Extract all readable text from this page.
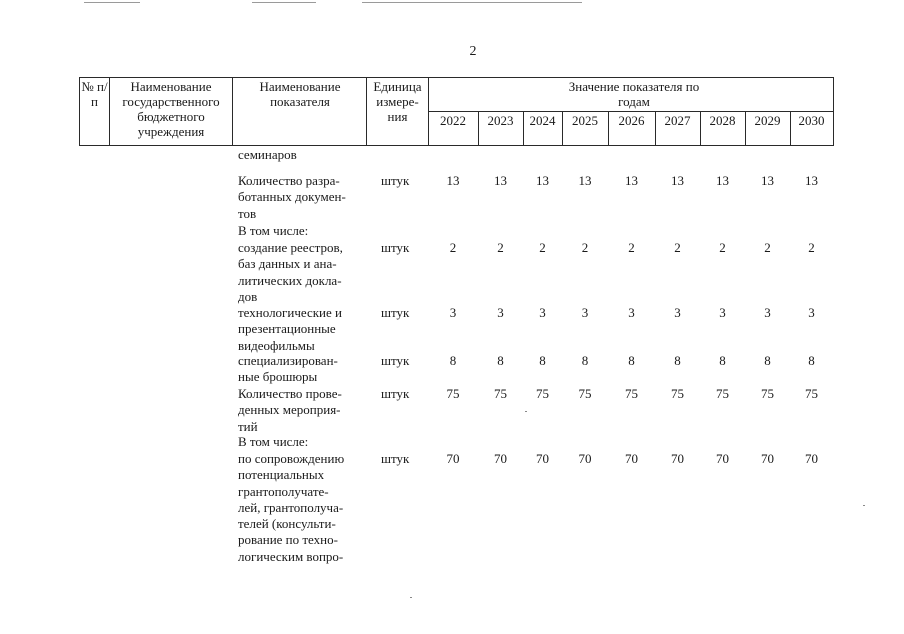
2
№ п/п
Наименование государственного бюджетного учреждения
Наименование показателя
Единица измере-ния
Значение показателя по годам
2022	2023	2024	2025	2026	2027	2028	2029	2030
семинаров
Количество разра-
ботанных докумен-
тов
штук	13	13	13	13	13	13	13	13	13
В том числе:
создание реестров,
баз данных и ана-
литических докла-
дов
штук	2	2	2	2	2	2	2	2	2
технологические и
презентационные
видеофильмы
штук	3	3	3	3	3	3	3	3	3
специализирован-
ные брошюры
штук	8	8	8	8	8	8	8	8	8
Количество прове-
денных мероприя-
тий
штук	75	75	75	75	75	75	75	75	75
В том числе:
по сопровождению
потенциальных
грантополучате-
лей, грантополуча-
телей (консульти-
рование по техно-
логическим вопро-
штук	70	70	70	70	70	70	70	70	70
